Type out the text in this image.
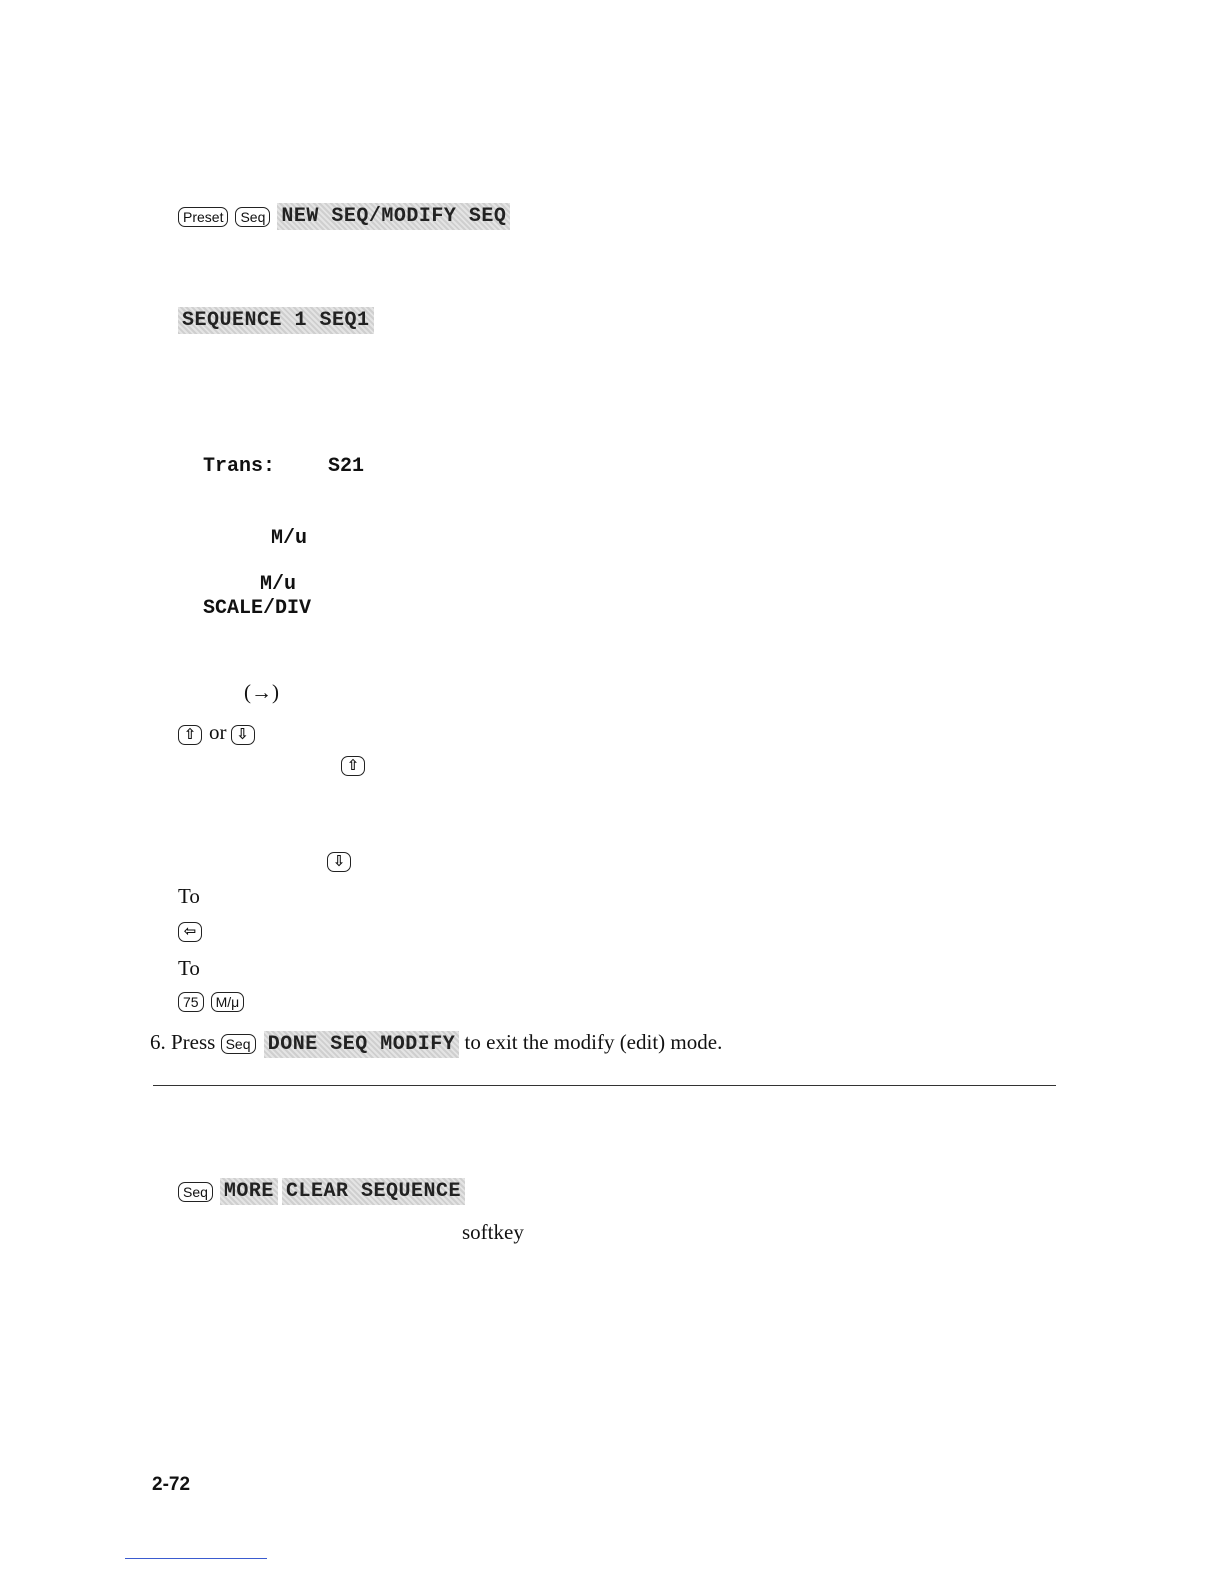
Preset Seq NEW SEQ/MODIFY SEQ
SEQUENCE 1 SEQ1
Trans:	S21
M/u
M/u
SCALE/DIV
(→)
⇧ or ⇩
⇧
⇩
To
⇦
To
75 M/μ
6. Press Seq DONE SEQ MODIFY to exit the modify (edit) mode.
Seq MORE CLEAR SEQUENCE
softkey
2-72
